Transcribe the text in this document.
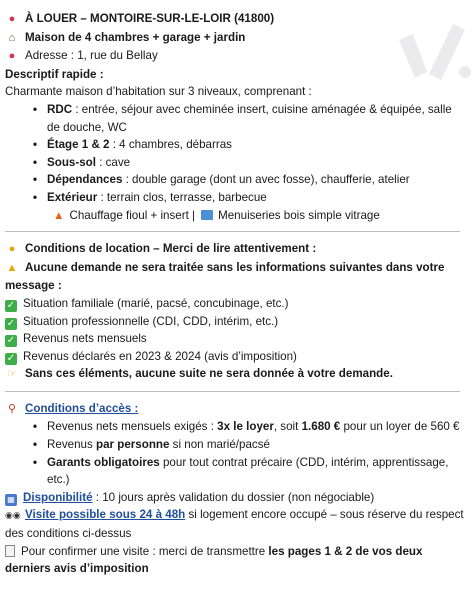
● À LOUER – MONTOIRE-SUR-LE-LOIR (41800)
⌂ Maison de 4 chambres + garage + jardin
● Adresse : 1, rue du Bellay
Descriptif rapide :
Charmante maison d’habitation sur 3 niveaux, comprenant :
• RDC : entrée, séjour avec cheminée insert, cuisine aménagée & équipée, salle de douche, WC
• Étage 1 & 2 : 4 chambres, débarras
• Sous-sol : cave
• Dépendances : double garage (dont un avec fosse), chaufferie, atelier
• Extérieur : terrain clos, terrasse, barbecue
▲ Chauffage fioul + insert | Menuiseries bois simple vitrage
● Conditions de location – Merci de lire attentivement :
▲ Aucune demande ne sera traitée sans les informations suivantes dans votre message :
✓ Situation familiale (marié, pacsé, concubinage, etc.)
✓ Situation professionnelle (CDI, CDD, intérim, etc.)
✓ Revenus nets mensuels
✓ Revenus déclarés en 2023 & 2024 (avis d’imposition)
☞ Sans ces éléments, aucune suite ne sera donnée à votre demande.
⚲ Conditions d’accès :
• Revenus nets mensuels exigés : 3x le loyer, soit 1.680 € pour un loyer de 560 €
• Revenus par personne si non marié/pacsé
• Garants obligatoires pour tout contrat précaire (CDD, intérim, apprentissage, etc.)
▦ Disponibilité : 10 jours après validation du dossier (non négociable)
◉◉ Visite possible sous 24 à 48h si logement encore occupé – sous réserve du respect des conditions ci-dessus
Pour confirmer une visite : merci de transmettre les pages 1 & 2 de vos deux derniers avis d’imposition
